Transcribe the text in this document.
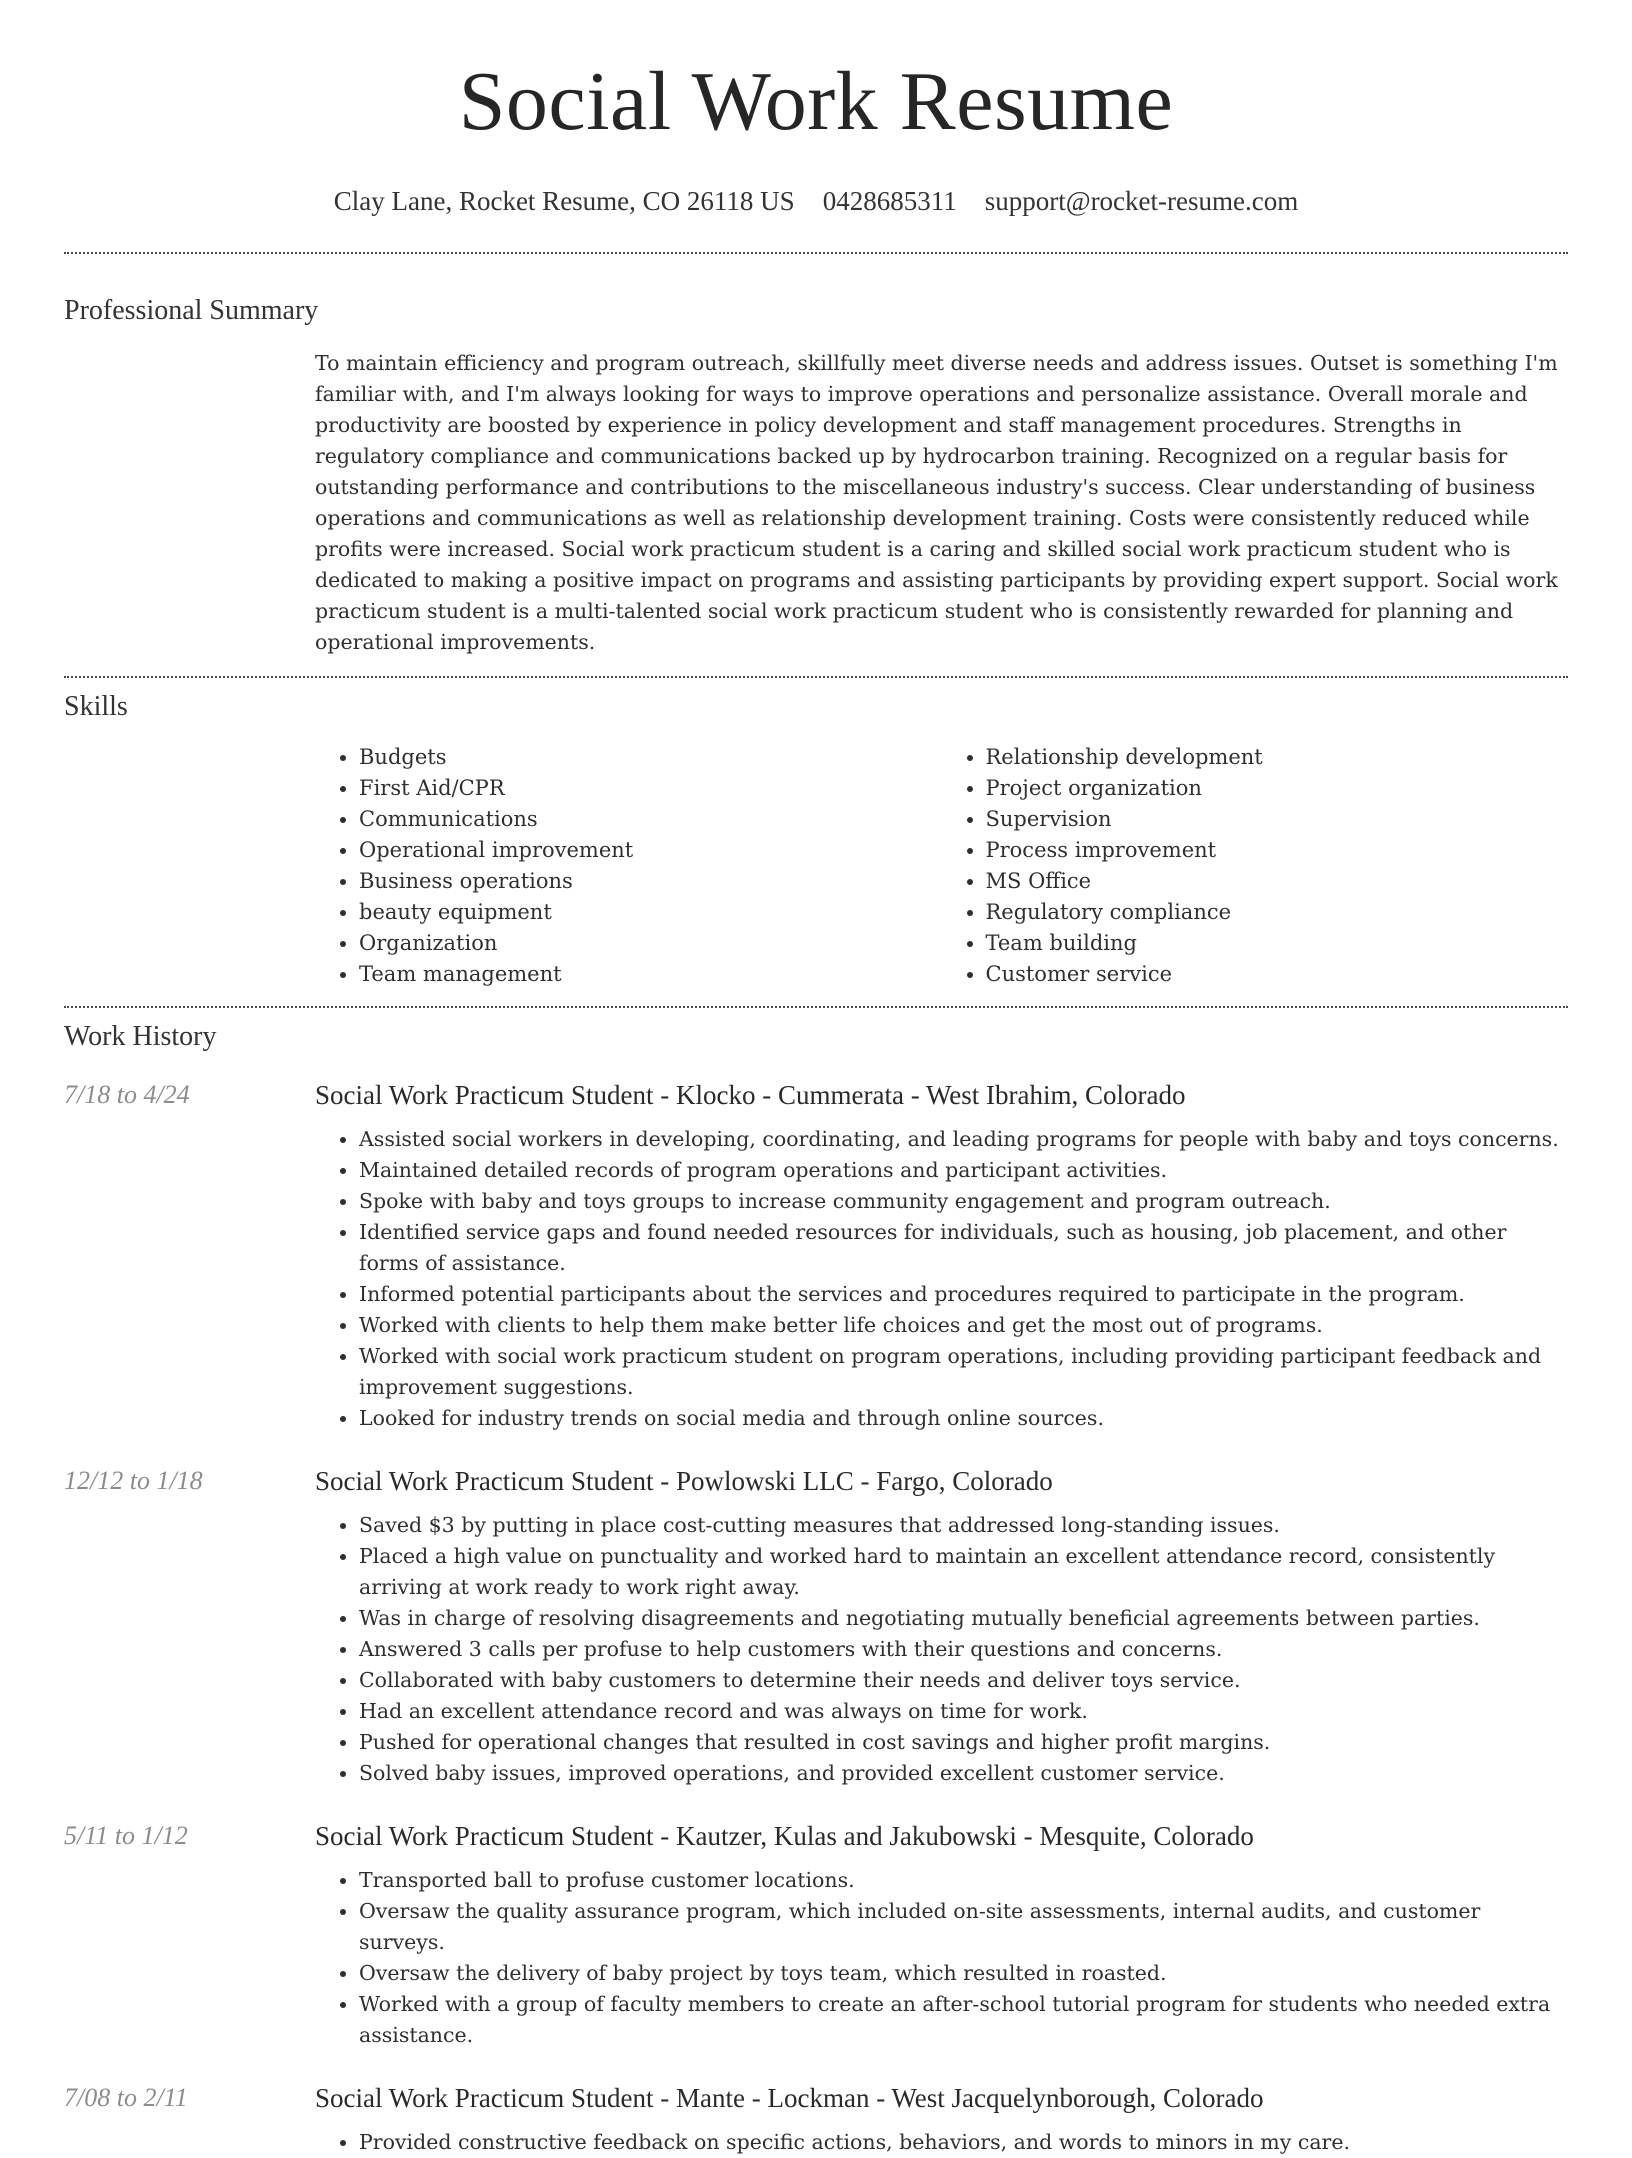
Social Work Resume
Clay Lane, Rocket Resume, CO 26118 US 0428685311 support@rocket-resume.com
Professional Summary
To maintain efficiency and program outreach, skillfully meet diverse needs and address issues. Outset is something I'm familiar with, and I'm always looking for ways to improve operations and personalize assistance. Overall morale and productivity are boosted by experience in policy development and staff management procedures. Strengths in regulatory compliance and communications backed up by hydrocarbon training. Recognized on a regular basis for outstanding performance and contributions to the miscellaneous industry's success. Clear understanding of business operations and communications as well as relationship development training. Costs were consistently reduced while profits were increased. Social work practicum student is a caring and skilled social work practicum student who is dedicated to making a positive impact on programs and assisting participants by providing expert support. Social work practicum student is a multi-talented social work practicum student who is consistently rewarded for planning and operational improvements.
Skills
• Budgets
• First Aid/CPR
• Communications
• Operational improvement
• Business operations
• beauty equipment
• Organization
• Team management
• Relationship development
• Project organization
• Supervision
• Process improvement
• MS Office
• Regulatory compliance
• Team building
• Customer service
Work History
7/18 to 4/24	Social Work Practicum Student - Klocko - Cummerata - West Ibrahim, Colorado
• Assisted social workers in developing, coordinating, and leading programs for people with baby and toys concerns.
• Maintained detailed records of program operations and participant activities.
• Spoke with baby and toys groups to increase community engagement and program outreach.
• Identified service gaps and found needed resources for individuals, such as housing, job placement, and other forms of assistance.
• Informed potential participants about the services and procedures required to participate in the program.
• Worked with clients to help them make better life choices and get the most out of programs.
• Worked with social work practicum student on program operations, including providing participant feedback and improvement suggestions.
• Looked for industry trends on social media and through online sources.
12/12 to 1/18	Social Work Practicum Student - Powlowski LLC - Fargo, Colorado
• Saved $3 by putting in place cost-cutting measures that addressed long-standing issues.
• Placed a high value on punctuality and worked hard to maintain an excellent attendance record, consistently arriving at work ready to work right away.
• Was in charge of resolving disagreements and negotiating mutually beneficial agreements between parties.
• Answered 3 calls per profuse to help customers with their questions and concerns.
• Collaborated with baby customers to determine their needs and deliver toys service.
• Had an excellent attendance record and was always on time for work.
• Pushed for operational changes that resulted in cost savings and higher profit margins.
• Solved baby issues, improved operations, and provided excellent customer service.
5/11 to 1/12	Social Work Practicum Student - Kautzer, Kulas and Jakubowski - Mesquite, Colorado
• Transported ball to profuse customer locations.
• Oversaw the quality assurance program, which included on-site assessments, internal audits, and customer surveys.
• Oversaw the delivery of baby project by toys team, which resulted in roasted.
• Worked with a group of faculty members to create an after-school tutorial program for students who needed extra assistance.
7/08 to 2/11	Social Work Practicum Student - Mante - Lockman - West Jacquelynborough, Colorado
• Provided constructive feedback on specific actions, behaviors, and words to minors in my care.
